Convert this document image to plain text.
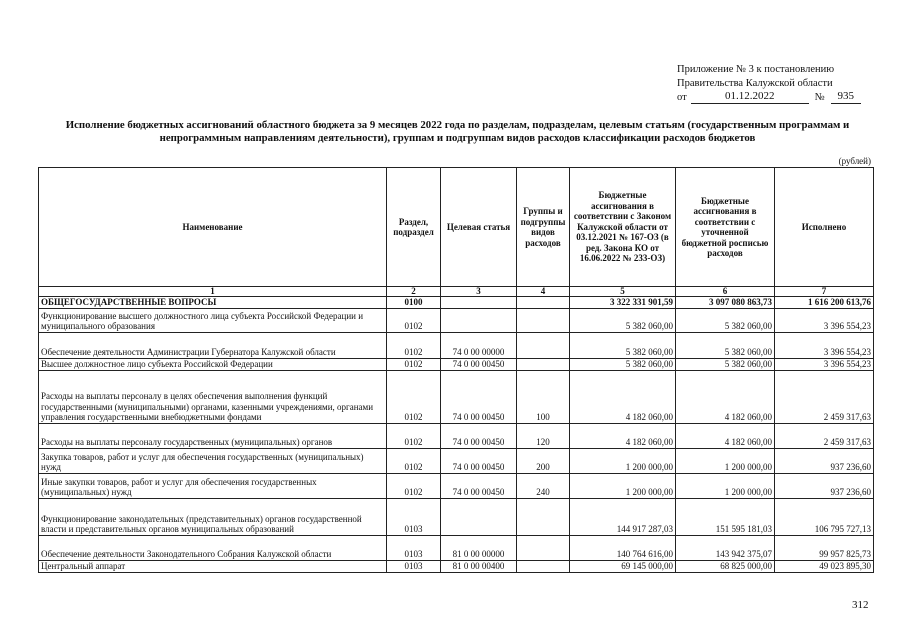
Приложение № 3 к постановлению
Правительства Калужской области
от	01.12.2022	№	935
Исполнение бюджетных ассигнований областного бюджета за 9 месяцев 2022 года по разделам, подразделам, целевым статьям (государственным программам и непрограммным направлениям деятельности), группам и подгруппам видов расходов классификации расходов бюджетов
(рублей)
Наименование	Раздел, подраздел	Целевая статья	Группы и подгруппы видов расходов	Бюджетные ассигнования в соответствии с Законом Калужской области от 03.12.2021 № 167-ОЗ (в ред. Закона КО от 16.06.2022 № 233-ОЗ)	Бюджетные ассигнования в соответствии с уточненной бюджетной росписью расходов	Исполнено
1	2	3	4	5	6	7
ОБЩЕГОСУДАРСТВЕННЫЕ ВОПРОСЫ	0100			3 322 331 901,59	3 097 080 863,73	1 616 200 613,76
Функционирование высшего должностного лица субъекта Российской Федерации и муниципального образования	0102			5 382 060,00	5 382 060,00	3 396 554,23
Обеспечение деятельности Администрации Губернатора Калужской области	0102	74 0 00 00000		5 382 060,00	5 382 060,00	3 396 554,23
Высшее должностное лицо субъекта Российской Федерации	0102	74 0 00 00450		5 382 060,00	5 382 060,00	3 396 554,23
Расходы на выплаты персоналу в целях обеспечения выполнения функций государственными (муниципальными) органами, казенными учреждениями, органами управления государственными внебюджетными фондами	0102	74 0 00 00450	100	4 182 060,00	4 182 060,00	2 459 317,63
Расходы на выплаты персоналу государственных (муниципальных) органов	0102	74 0 00 00450	120	4 182 060,00	4 182 060,00	2 459 317,63
Закупка товаров, работ и услуг для обеспечения государственных (муниципальных) нужд	0102	74 0 00 00450	200	1 200 000,00	1 200 000,00	937 236,60
Иные закупки товаров, работ и услуг для обеспечения государственных (муниципальных) нужд	0102	74 0 00 00450	240	1 200 000,00	1 200 000,00	937 236,60
Функционирование законодательных (представительных) органов государственной власти и представительных органов муниципальных образований	0103			144 917 287,03	151 595 181,03	106 795 727,13
Обеспечение деятельности Законодательного Собрания Калужской области	0103	81 0 00 00000		140 764 616,00	143 942 375,07	99 957 825,73
Центральный аппарат	0103	81 0 00 00400		69 145 000,00	68 825 000,00	49 023 895,30
312
